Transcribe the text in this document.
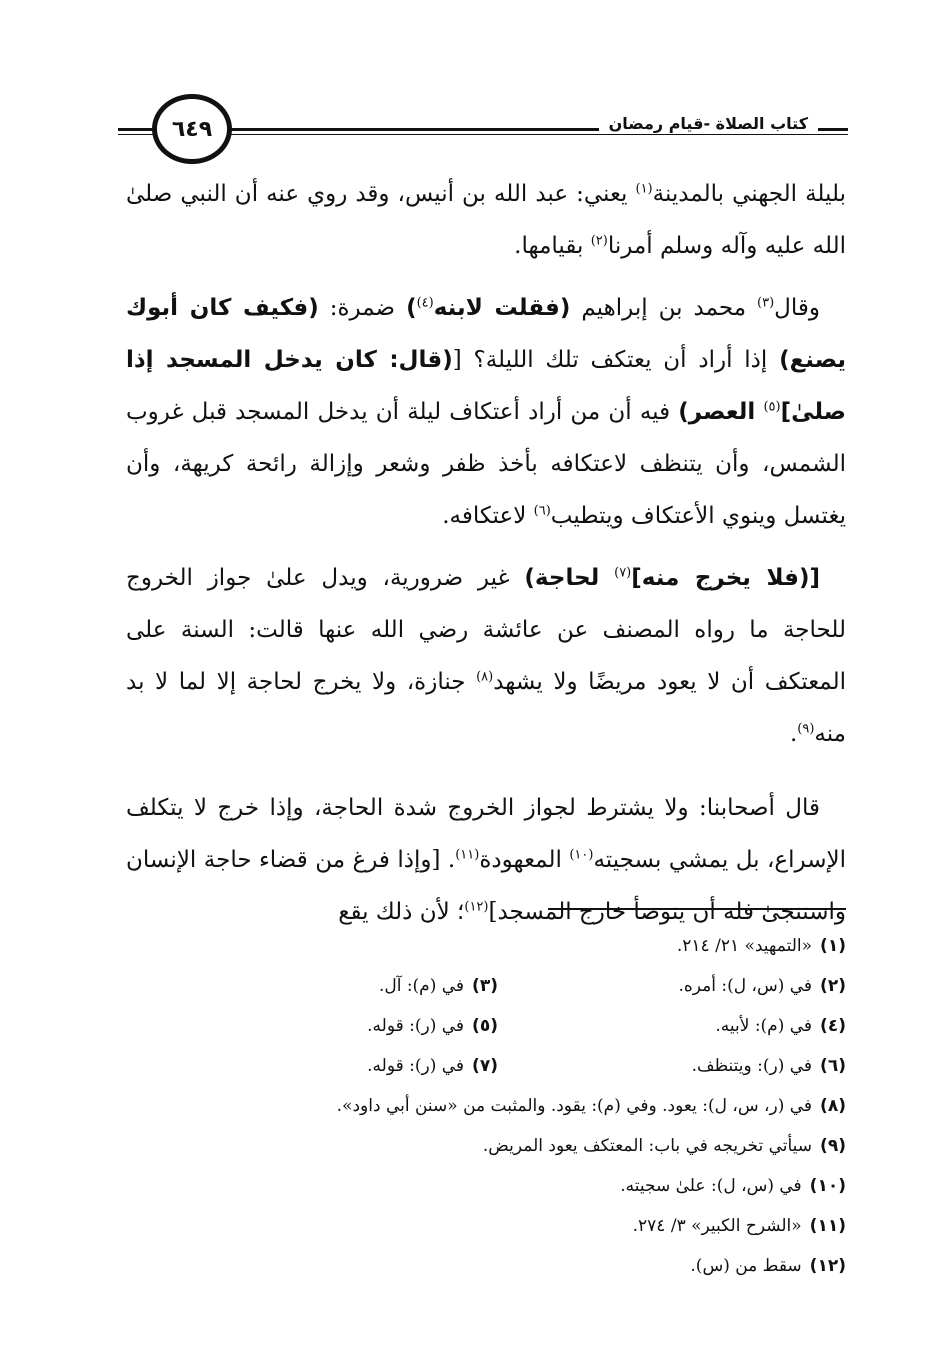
٦٤٩	كتاب الصلاة -قيام رمضان

بليلة الجهني بالمدينة$^{(١)}$ يعني: عبد الله بن أنيس، وقد روي عنه أن النبي صلىٰ الله عليه وآله وسلم أمرنا$^{(٢)}$ بقيامها.

وقال$^{(٣)}$ محمد بن إبراهيم (فقلت لابنه$^{(٤)}$) ضمرة: (فكيف كان أبوك يصنع) إذا أراد أن يعتكف تلك الليلة؟ [(قال: كان يدخل المسجد إذا صلىٰ]$^{(٥)}$ العصر) فيه أن من أراد أعتكاف ليلة أن يدخل المسجد قبل غروب الشمس، وأن يتنظف لاعتكافه بأخذ ظفر وشعر وإزالة رائحة كريهة، وأن يغتسل وينوي الأعتكاف ويتطيب$^{(٦)}$ لاعتكافه.

[(فلا يخرج منه]$^{(٧)}$ لحاجة) غير ضرورية، ويدل علىٰ جواز الخروج للحاجة ما رواه المصنف عن عائشة رضي الله عنها قالت: السنة على المعتكف أن لا يعود مريضًا ولا يشهد$^{(٨)}$ جنازة، ولا يخرج لحاجة إلا لما لا بد منه$^{(٩)}$.

قال أصحابنا: ولا يشترط لجواز الخروج شدة الحاجة، وإذا خرج لا يتكلف الإسراع، بل يمشي بسجيته$^{(١٠)}$ المعهودة$^{(١١)}$. [وإذا فرغ من قضاء حاجة الإنسان واستنجىٰ فله أن يتوضأ خارج المسجد]$^{(١٢)}$؛ لأن ذلك يقع

(١)«التمهيد» ٢١/ ٢١٤.
(٢)في (س، ل): أمره.
(٣)في (م): آل.
(٤)في (م): لأبيه.
(٥)في (ر): قوله.
(٦)في (ر): ويتنظف.
(٧)في (ر): قوله.
(٨)في (ر، س، ل): يعود. وفي (م): يقود. والمثبت من «سنن أبي داود».
(٩)سيأتي تخريجه في باب: المعتكف يعود المريض.
(١٠)في (س، ل): علىٰ سجيته.
(١١)«الشرح الكبير» ٣/ ٢٧٤.
(١٢)سقط من (س).
